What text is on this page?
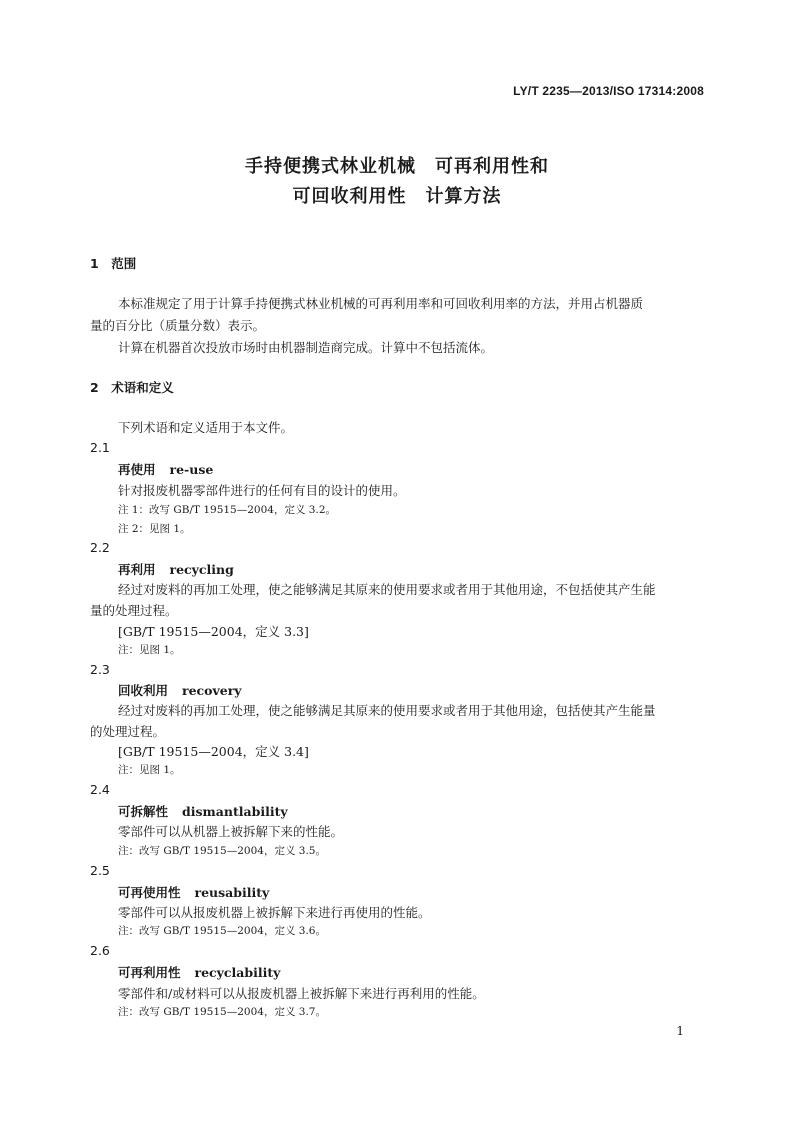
LY/T 2235—2013/ISO 17314:2008
手持便携式林业机械　可再利用性和
可回收利用性　计算方法
1　范围
本标准规定了用于计算手持便携式林业机械的可再利用率和可回收利用率的方法，并用占机器质
量的百分比（质量分数）表示。
计算在机器首次投放市场时由机器制造商完成。计算中不包括流体。
2　术语和定义
下列术语和定义适用于本文件。
2.1
再使用 re-use
针对报废机器零部件进行的任何有目的设计的使用。
注 1：改写 GB/T 19515—2004，定义 3.2。
注 2：见图 1。
2.2
再利用 recycling
经过对废料的再加工处理，使之能够满足其原来的使用要求或者用于其他用途，不包括使其产生能
量的处理过程。
[GB/T 19515—2004，定义 3.3]
注：见图 1。
2.3
回收利用 recovery
经过对废料的再加工处理，使之能够满足其原来的使用要求或者用于其他用途，包括使其产生能量
的处理过程。
[GB/T 19515—2004，定义 3.4]
注：见图 1。
2.4
可拆解性 dismantlability
零部件可以从机器上被拆解下来的性能。
注：改写 GB/T 19515—2004，定义 3.5。
2.5
可再使用性 reusability
零部件可以从报废机器上被拆解下来进行再使用的性能。
注：改写 GB/T 19515—2004，定义 3.6。
2.6
可再利用性 recyclability
零部件和/或材料可以从报废机器上被拆解下来进行再利用的性能。
注：改写 GB/T 19515—2004，定义 3.7。
1
